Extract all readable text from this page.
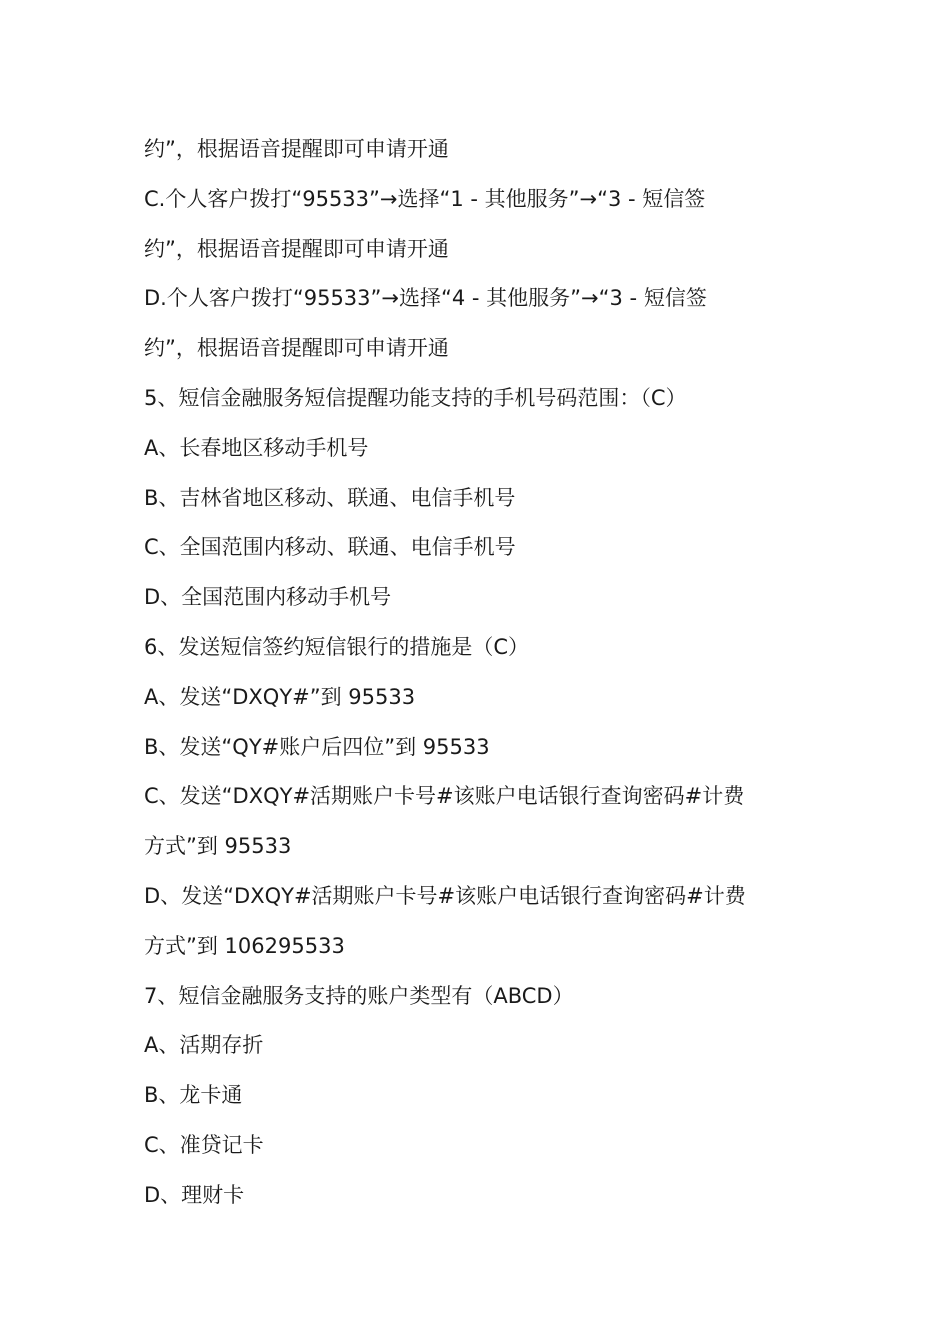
约”，根据语音提醒即可申请开通
C.个人客户拨打“95533”→选择“1 - 其他服务”→“3 - 短信签
约”，根据语音提醒即可申请开通
D.个人客户拨打“95533”→选择“4 - 其他服务”→“3 - 短信签
约”，根据语音提醒即可申请开通
5、短信金融服务短信提醒功能支持的手机号码范围：（C）
A、长春地区移动手机号
B、吉林省地区移动、联通、电信手机号
C、全国范围内移动、联通、电信手机号
D、全国范围内移动手机号
6、发送短信签约短信银行的措施是（C）
A、发送“DXQY#”到 95533
B、发送“QY#账户后四位”到 95533
C、发送“DXQY#活期账户卡号#该账户电话银行查询密码#计费
方式”到 95533
D、发送“DXQY#活期账户卡号#该账户电话银行查询密码#计费
方式”到 106295533
7、短信金融服务支持的账户类型有（ABCD）
A、活期存折
B、龙卡通
C、准贷记卡
D、理财卡
